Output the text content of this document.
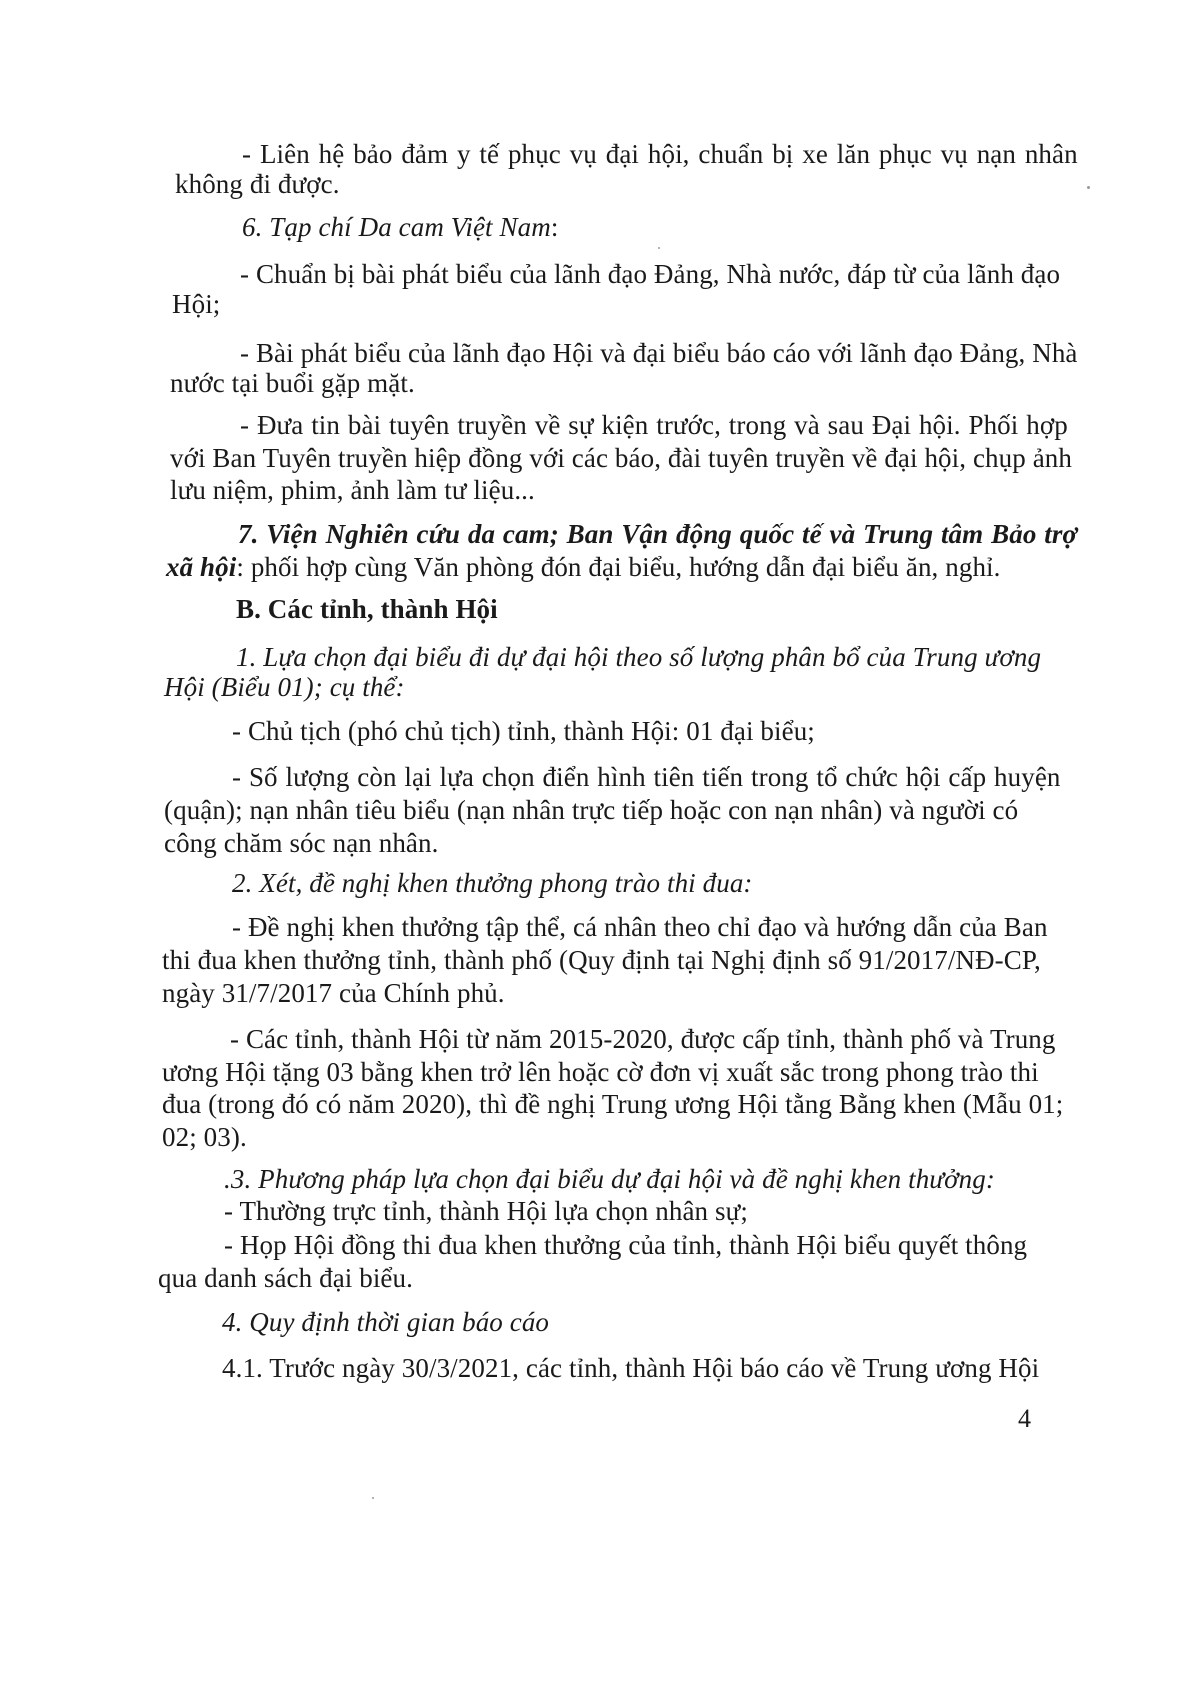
- Liên hệ bảo đảm y tế phục vụ đại hội, chuẩn bị xe lăn phục vụ nạn nhân
không đi được.
6. Tạp chí Da cam Việt Nam:
- Chuẩn bị bài phát biểu của lãnh đạo Đảng, Nhà nước, đáp từ của lãnh đạo
Hội;
- Bài phát biểu của lãnh đạo Hội và đại biểu báo cáo với lãnh đạo Đảng, Nhà
nước tại buổi gặp mặt.
- Đưa tin bài tuyên truyền về sự kiện trước, trong và sau Đại hội. Phối hợp
với Ban Tuyên truyền hiệp đồng với các báo, đài tuyên truyền về đại hội, chụp ảnh
lưu niệm, phim, ảnh làm tư liệu...
7. Viện Nghiên cứu da cam; Ban Vận động quốc tế và Trung tâm Bảo trợ
xã hội: phối hợp cùng Văn phòng đón đại biểu, hướng dẫn đại biểu ăn, nghỉ.
B. Các tỉnh, thành Hội
1. Lựa chọn đại biểu đi dự đại hội theo số lượng phân bổ của Trung ương
Hội (Biểu 01); cụ thể:
- Chủ tịch (phó chủ tịch) tỉnh, thành Hội: 01 đại biểu;
- Số lượng còn lại lựa chọn điển hình tiên tiến trong tổ chức hội cấp huyện
(quận); nạn nhân tiêu biểu (nạn nhân trực tiếp hoặc con nạn nhân) và người có
công chăm sóc nạn nhân.
2. Xét, đề nghị khen thưởng phong trào thi đua:
- Đề nghị khen thưởng tập thể, cá nhân theo chỉ đạo và hướng dẫn của Ban
thi đua khen thưởng tỉnh, thành phố (Quy định tại Nghị định số 91/2017/NĐ-CP,
ngày 31/7/2017 của Chính phủ.
- Các tỉnh, thành Hội từ năm 2015-2020, được cấp tỉnh, thành phố và Trung
ương Hội tặng 03 bằng khen trở lên hoặc cờ đơn vị xuất sắc trong phong trào thi
đua (trong đó có năm 2020), thì đề nghị Trung ương Hội tằng Bằng khen (Mẫu 01;
02; 03).
.3. Phương pháp lựa chọn đại biểu dự đại hội và đề nghị khen thưởng:
- Thường trực tỉnh, thành Hội lựa chọn nhân sự;
- Họp Hội đồng thi đua khen thưởng của tỉnh, thành Hội biểu quyết thông
qua danh sách đại biểu.
4. Quy định thời gian báo cáo
4.1. Trước ngày 30/3/2021, các tỉnh, thành Hội báo cáo về Trung ương Hội
4
